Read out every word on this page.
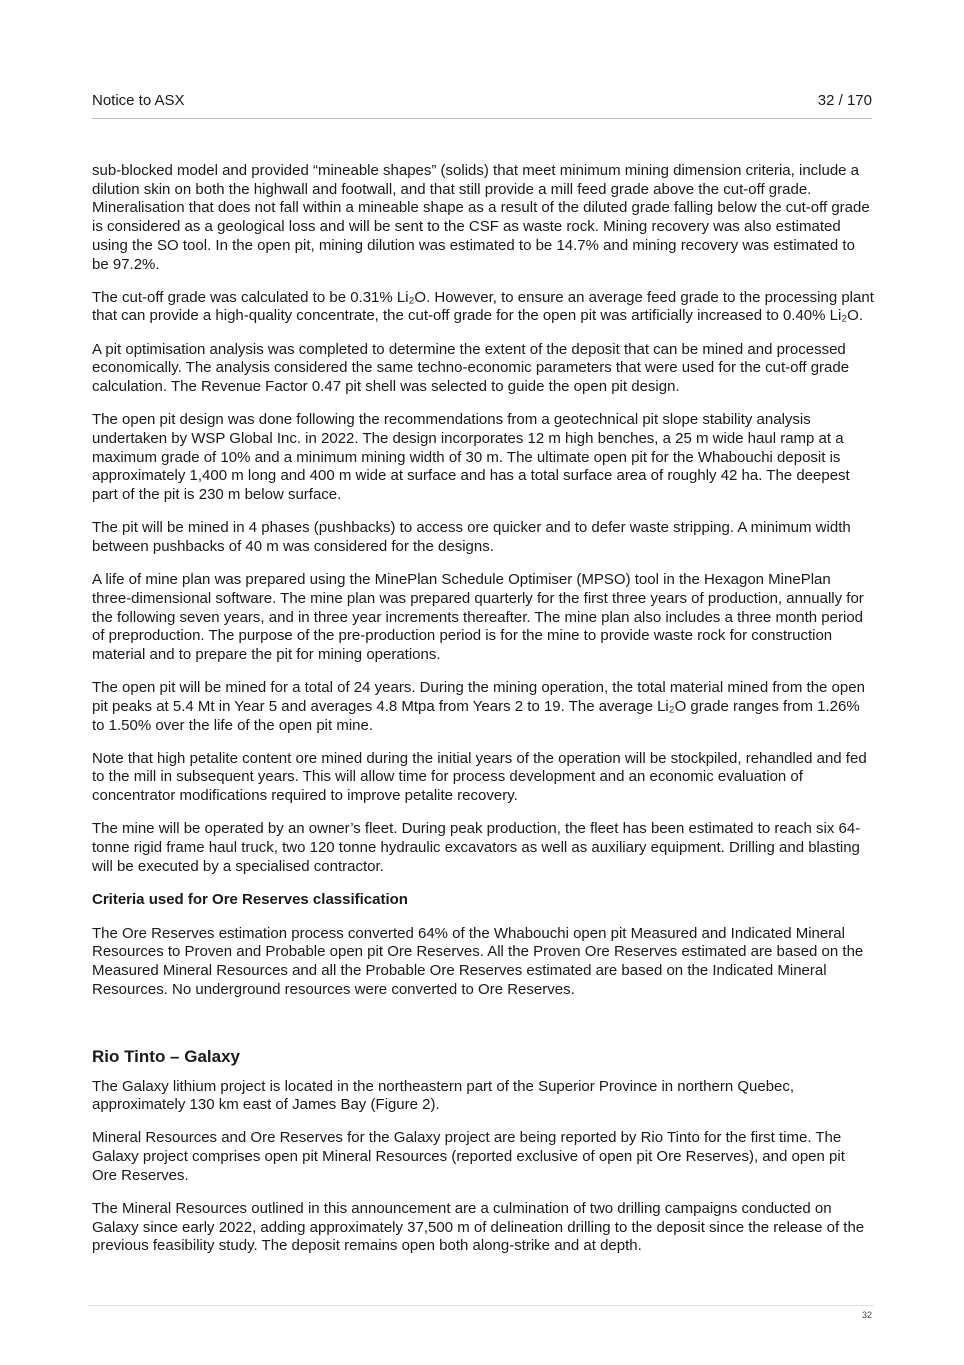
Notice to ASX	32 / 170

sub-blocked model and provided “mineable shapes” (solids) that meet minimum mining dimension criteria, include a dilution skin on both the highwall and footwall, and that still provide a mill feed grade above the cut-off grade. Mineralisation that does not fall within a mineable shape as a result of the diluted grade falling below the cut-off grade is considered as a geological loss and will be sent to the CSF as waste rock. Mining recovery was also estimated using the SO tool. In the open pit, mining dilution was estimated to be 14.7% and mining recovery was estimated to be 97.2%.

The cut-off grade was calculated to be 0.31% Li₂O. However, to ensure an average feed grade to the processing plant that can provide a high-quality concentrate, the cut-off grade for the open pit was artificially increased to 0.40% Li₂O.

A pit optimisation analysis was completed to determine the extent of the deposit that can be mined and processed economically. The analysis considered the same techno-economic parameters that were used for the cut-off grade calculation. The Revenue Factor 0.47 pit shell was selected to guide the open pit design.

The open pit design was done following the recommendations from a geotechnical pit slope stability analysis undertaken by WSP Global Inc. in 2022. The design incorporates 12 m high benches, a 25 m wide haul ramp at a maximum grade of 10% and a minimum mining width of 30 m. The ultimate open pit for the Whabouchi deposit is approximately 1,400 m long and 400 m wide at surface and has a total surface area of roughly 42 ha. The deepest part of the pit is 230 m below surface.

The pit will be mined in 4 phases (pushbacks) to access ore quicker and to defer waste stripping. A minimum width between pushbacks of 40 m was considered for the designs.

A life of mine plan was prepared using the MinePlan Schedule Optimiser (MPSO) tool in the Hexagon MinePlan three-dimensional software. The mine plan was prepared quarterly for the first three years of production, annually for the following seven years, and in three year increments thereafter. The mine plan also includes a three month period of preproduction. The purpose of the pre-production period is for the mine to provide waste rock for construction material and to prepare the pit for mining operations.

The open pit will be mined for a total of 24 years. During the mining operation, the total material mined from the open pit peaks at 5.4 Mt in Year 5 and averages 4.8 Mtpa from Years 2 to 19. The average Li₂O grade ranges from 1.26% to 1.50% over the life of the open pit mine.

Note that high petalite content ore mined during the initial years of the operation will be stockpiled, rehandled and fed to the mill in subsequent years. This will allow time for process development and an economic evaluation of concentrator modifications required to improve petalite recovery.

The mine will be operated by an owner’s fleet. During peak production, the fleet has been estimated to reach six 64-tonne rigid frame haul truck, two 120 tonne hydraulic excavators as well as auxiliary equipment. Drilling and blasting will be executed by a specialised contractor.

Criteria used for Ore Reserves classification

The Ore Reserves estimation process converted 64% of the Whabouchi open pit Measured and Indicated Mineral Resources to Proven and Probable open pit Ore Reserves. All the Proven Ore Reserves estimated are based on the Measured Mineral Resources and all the Probable Ore Reserves estimated are based on the Indicated Mineral Resources. No underground resources were converted to Ore Reserves.

Rio Tinto – Galaxy

The Galaxy lithium project is located in the northeastern part of the Superior Province in northern Quebec, approximately 130 km east of James Bay (Figure 2).

Mineral Resources and Ore Reserves for the Galaxy project are being reported by Rio Tinto for the first time. The Galaxy project comprises open pit Mineral Resources (reported exclusive of open pit Ore Reserves), and open pit Ore Reserves.

The Mineral Resources outlined in this announcement are a culmination of two drilling campaigns conducted on Galaxy since early 2022, adding approximately 37,500 m of delineation drilling to the deposit since the release of the previous feasibility study. The deposit remains open both along-strike and at depth.

32
